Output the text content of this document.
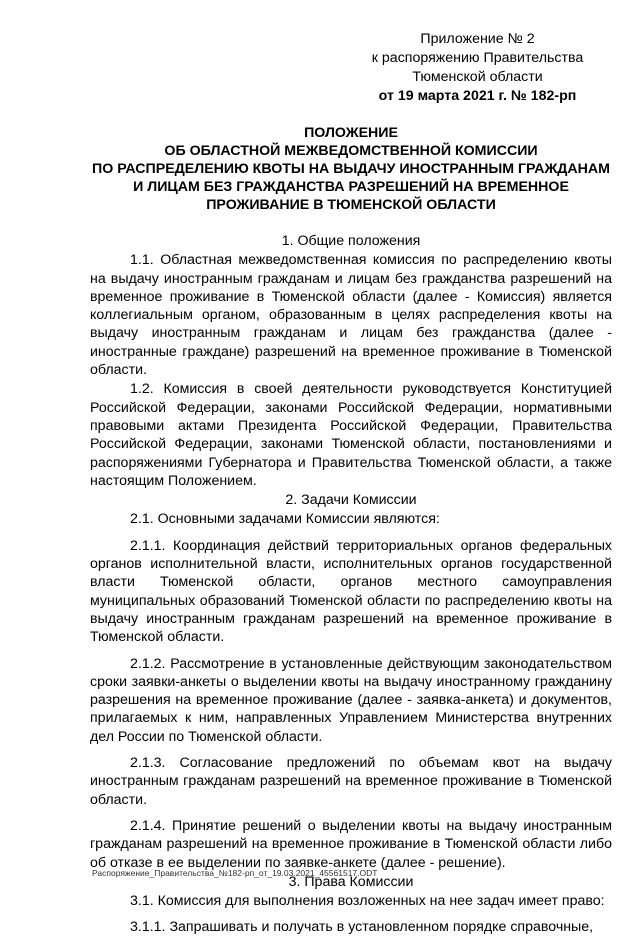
Приложение № 2
к распоряжению Правительства
Тюменской области
от 19 марта 2021 г. № 182-рп
ПОЛОЖЕНИЕ
ОБ ОБЛАСТНОЙ МЕЖВЕДОМСТВЕННОЙ КОМИССИИ
ПО РАСПРЕДЕЛЕНИЮ КВОТЫ НА ВЫДАЧУ ИНОСТРАННЫМ ГРАЖДАНАМ
И ЛИЦАМ БЕЗ ГРАЖДАНСТВА РАЗРЕШЕНИЙ НА ВРЕМЕННОЕ
ПРОЖИВАНИЕ В ТЮМЕНСКОЙ ОБЛАСТИ
1. Общие положения
1.1. Областная межведомственная комиссия по распределению квоты на выдачу иностранным гражданам и лицам без гражданства разрешений на временное проживание в Тюменской области (далее - Комиссия) является коллегиальным органом, образованным в целях распределения квоты на выдачу иностранным гражданам и лицам без гражданства (далее - иностранные граждане) разрешений на временное проживание в Тюменской области.
1.2. Комиссия в своей деятельности руководствуется Конституцией Российской Федерации, законами Российской Федерации, нормативными правовыми актами Президента Российской Федерации, Правительства Российской Федерации, законами Тюменской области, постановлениями и распоряжениями Губернатора и Правительства Тюменской области, а также настоящим Положением.
2. Задачи Комиссии
2.1. Основными задачами Комиссии являются:
2.1.1. Координация действий территориальных органов федеральных органов исполнительной власти, исполнительных органов государственной власти Тюменской области, органов местного самоуправления муниципальных образований Тюменской области по распределению квоты на выдачу иностранным гражданам разрешений на временное проживание в Тюменской области.
2.1.2. Рассмотрение в установленные действующим законодательством сроки заявки-анкеты о выделении квоты на выдачу иностранному гражданину разрешения на временное проживание (далее - заявка-анкета) и документов, прилагаемых к ним, направленных Управлением Министерства внутренних дел России по Тюменской области.
2.1.3. Согласование предложений по объемам квот на выдачу иностранным гражданам разрешений на временное проживание в Тюменской области.
2.1.4. Принятие решений о выделении квоты на выдачу иностранным гражданам разрешений на временное проживание в Тюменской области либо об отказе в ее выделении по заявке-анкете (далее - решение).
3. Права Комиссии
3.1. Комиссия для выполнения возложенных на нее задач имеет право:
3.1.1. Запрашивать и получать в установленном порядке справочные,
Распоряжение_Правительства_№182-рп_от_19.03.2021_45561517.ODT
